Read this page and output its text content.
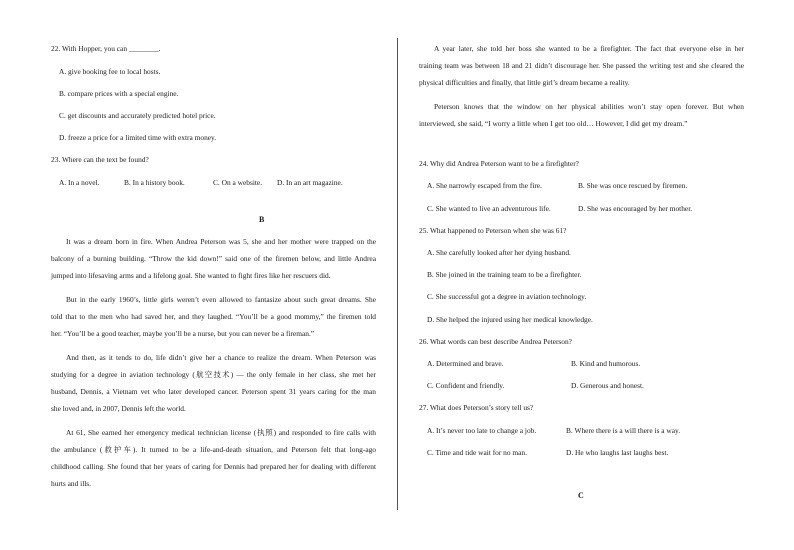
22. With Hopper, you can ________.
A. give booking fee to local hosts.
B. compare prices with a special engine.
C. get discounts and accurately predicted hotel price.
D. freeze a price for a limited time with extra money.
23. Where can the text be found?
A. In a novel.	B. In a history book.	C. On a website. D. In an art magazine.
B
It was a dream born in fire. When Andrea Peterson was 5, she and her mother were trapped on the
balcony of a burning building. “Throw the kid down!” said one of the firemen below, and little Andrea
jumped into lifesaving arms and a lifelong goal. She wanted to fight fires like her rescuers did.
But in the early 1960’s, little girls weren’t even allowed to fantasize about such great dreams. She
told that to the men who had saved her, and they laughed. “You’ll be a good mommy,” the firemen told
her. “You’ll be a good teacher, maybe you’ll be a nurse, but you can never be a fireman.”
And then, as it tends to do, life didn’t give her a chance to realize the dream. When Peterson was
studying for a degree in aviation technology (航空技术) — the only female in her class, she met her
husband, Dennis, a Vietnam vet who later developed cancer. Peterson spent 31 years caring for the man
she loved and, in 2007, Dennis left the world.
At 61, She earned her emergency medical technician license (执照) and responded to fire calls with
the ambulance (救护车). It turned to be a life-and-death situation, and Peterson felt that long-ago
childhood calling. She found that her years of caring for Dennis had prepared her for dealing with different
hurts and ills.
A year later, she told her boss she wanted to be a firefighter. The fact that everyone else in her
training team was between 18 and 21 didn’t discourage her. She passed the writing test and she cleared the
physical difficulties and finally, that little girl’s dream became a reality.
Peterson knows that the window on her physical abilities won’t stay open forever. But when
interviewed, she said, “I worry a little when I get too old… However, I did get my dream.”
24. Why did Andrea Peterson want to be a firefighter?
A. She narrowly escaped from the fire.	B. She was once rescued by firemen.
C. She wanted to live an adventurous life.	D. She was encouraged by her mother.
25. What happened to Peterson when she was 61?
A. She carefully looked after her dying husband.
B. She joined in the training team to be a firefighter.
C. She successful got a degree in aviation technology.
D. She helped the injured using her medical knowledge.
26. What words can best describe Andrea Peterson?
A. Determined and brave.	B. Kind and humorous.
C. Confident and friendly.	D. Generous and honest.
27. What does Peterson’s story tell us?
A. It’s never too late to change a job.	B. Where there is a will there is a way.
C. Time and tide wait for no man.	D. He who laughs last laughs best.
C
